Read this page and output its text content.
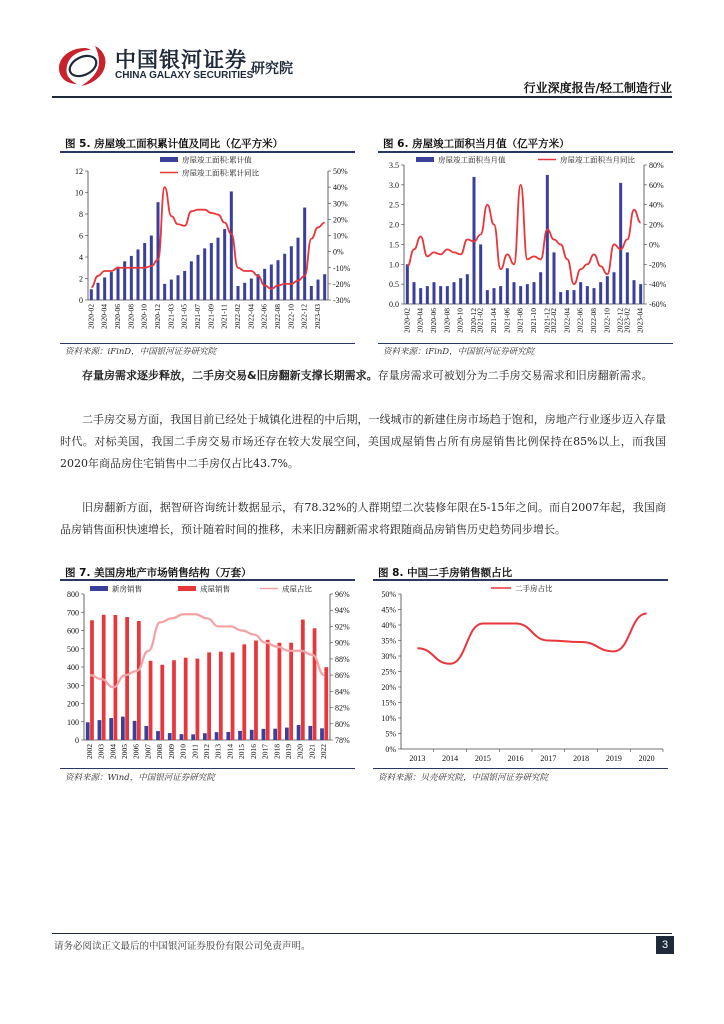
中国银河证券
CHINA GALAXY SECURITIES
研究院
行业深度报告/轻工制造行业
图 5. 房屋竣工面积累计值及同比（亿平方米）
0
2
4
6
8
10
12
-30%
-20%
-10%
0%
10%
20%
30%
40%
50%
2020-02 2020-04 2020-06 2020-08 2020-10 2020-12 2021-03 2021-05 2021-07 2021-09 2021-11 2022-02 2022-04 2022-06 2022-08 2022-10 2022-12 2023-03
房屋竣工面积:累计值
房屋竣工面积:累计同比
资料来源：iFinD，中国银河证券研究院
图 6. 房屋竣工面积当月值（亿平方米）
0.0
0.5
1.0
1.5
2.0
2.5
3.0
3.5
-60%
-40%
-20%
0%
20%
40%
60%
80%
2020-02 2020-04 2020-06 2020-08 2020-10 2020-12
2021-02 2021-04 2021-06 2021-08 2021-10 2021-12
2022-02 2022-04 2022-06 2022-08 2022-10 2022-12
2023-02 2023-04
房屋竣工面积当月值	房屋竣工面积当月同比
资料来源：iFinD，中国银河证券研究院
存量房需求逐步释放，二手房交易&旧房翻新支撑长期需求。存量房需求可被划分为二手房交易需求和旧房翻新需求。
二手房交易方面，我国目前已经处于城镇化进程的中后期，一线城市的新建住房市场趋于饱和，房地产行业逐步迈入存量时代。对标美国，我国二手房交易市场还存在较大发展空间，美国成屋销售占所有房屋销售比例保持在85%以上，而我国2020年商品房住宅销售中二手房仅占比43.7%。
旧房翻新方面，据智研咨询统计数据显示，有78.32%的人群期望二次装修年限在5-15年之间。而自2007年起，我国商品房销售面积快速增长，预计随着时间的推移，未来旧房翻新需求将跟随商品房销售历史趋势同步增长。
图 7. 美国房地产市场销售结构（万套）
0
100
200
300
400
500
600
700
800
78%
80%
82%
84%
86%
88%
90%
92%
94%
96%
2002 2003 2004 2005 2006 2007 2008 2009 2010 2011 2012 2013 2014 2015 2016 2017 2018 2019 2020 2021 2022
新房销售	成屋销售	成屋占比
资料来源：Wind，中国银河证券研究院
图 8. 中国二手房销售额占比
0%
5%
10%
15%
20%
25%
30%
35%
40%
45%
50%
2013 2014 2015 2016 2017 2018 2019 2020
二手房占比
资料来源：贝壳研究院，中国银河证券研究院
请务必阅读正文最后的中国银河证券股份有限公司免责声明。	3
